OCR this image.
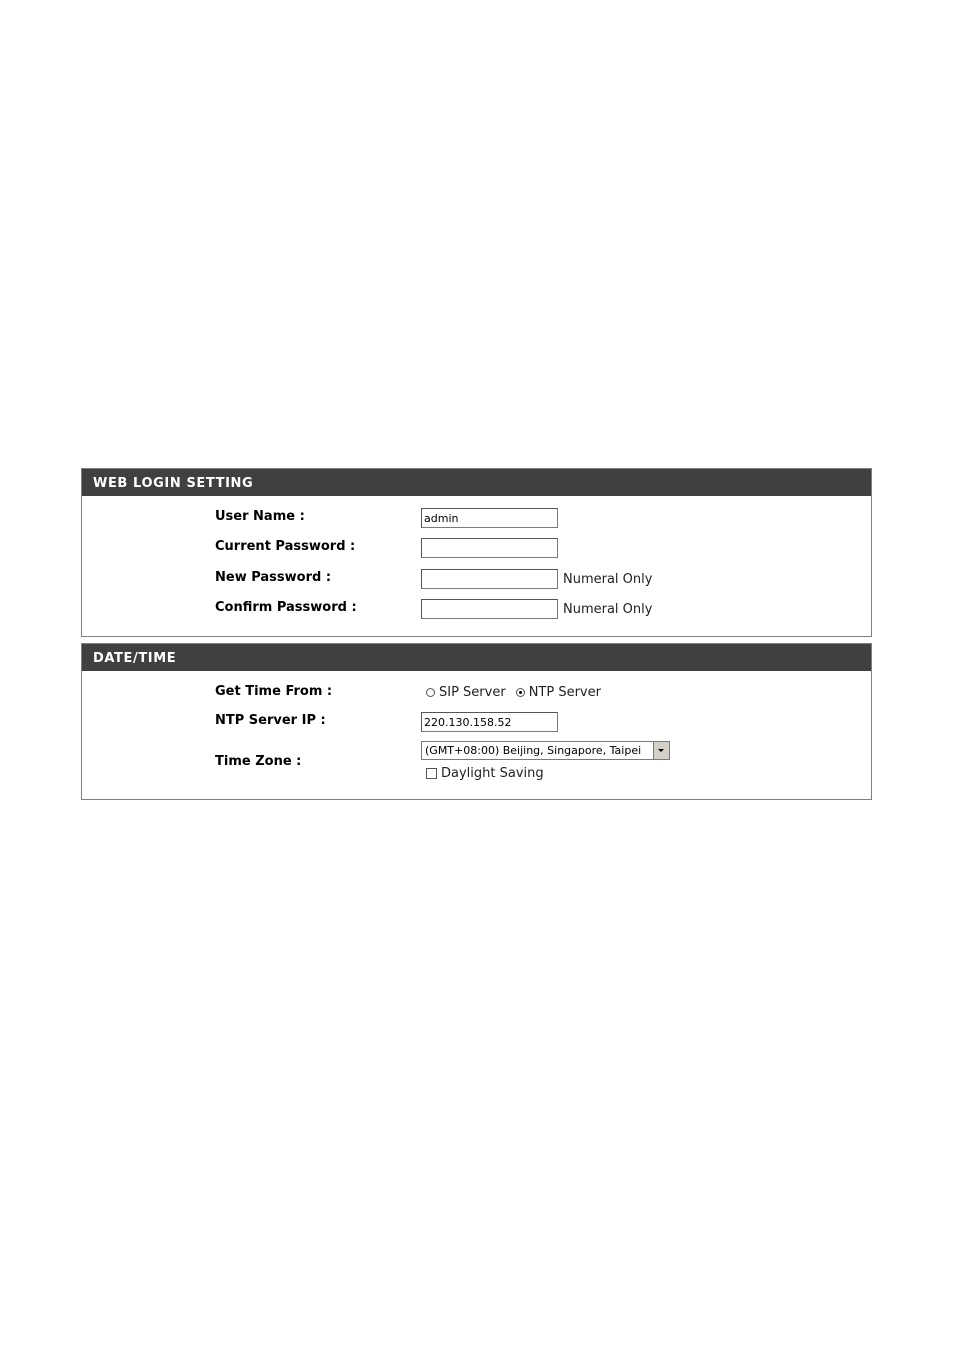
WEB LOGIN SETTING
User Name :
admin
Current Password :
New Password :	Numeral Only
Confirm Password :	Numeral Only
DATE/TIME
Get Time From :	SIP Server NTP Server
NTP Server IP :
220.130.158.52
Time Zone :
(GMT+08:00) Beijing, Singapore, Taipei
Daylight Saving
